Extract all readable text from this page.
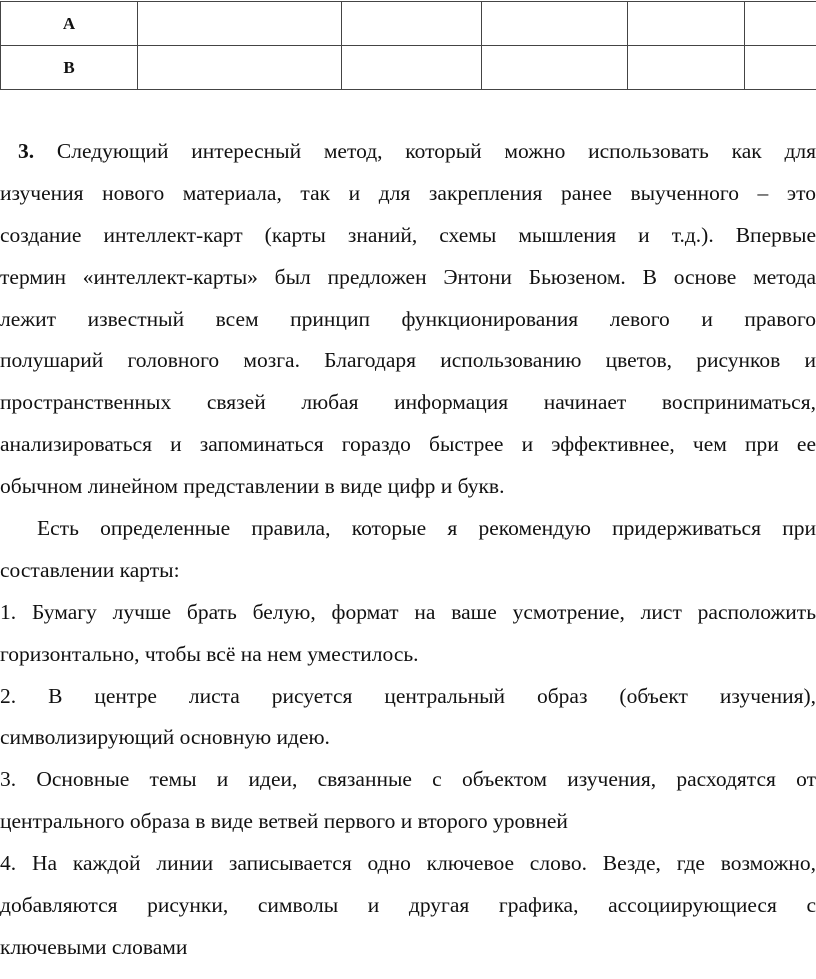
A					
B					
3. Следующий интересный метод, который можно использовать как для
изучения нового материала, так и для закрепления ранее выученного – это
создание интеллект-карт (карты знаний, схемы мышления и т.д.). Впервые
термин «интеллект-карты» был предложен Энтони Бьюзеном. В основе метода
лежит известный всем принцип функционирования левого и правого
полушарий головного мозга. Благодаря использованию цветов, рисунков и
пространственных связей любая информация начинает восприниматься,
анализироваться и запоминаться гораздо быстрее и эффективнее, чем при ее
обычном линейном представлении в виде цифр и букв.
Есть определенные правила, которые я рекомендую придерживаться при
составлении карты:
1. Бумагу лучше брать белую, формат на ваше усмотрение, лист расположить
горизонтально, чтобы всё на нем уместилось.
2. В центре листа рисуется центральный образ (объект изучения),
символизирующий основную идею.
3. Основные темы и идеи, связанные с объектом изучения, расходятся от
центрального образа в виде ветвей первого и второго уровней
4. На каждой линии записывается одно ключевое слово. Везде, где возможно,
добавляются рисунки, символы и другая графика, ассоциирующиеся с
ключевыми словами
